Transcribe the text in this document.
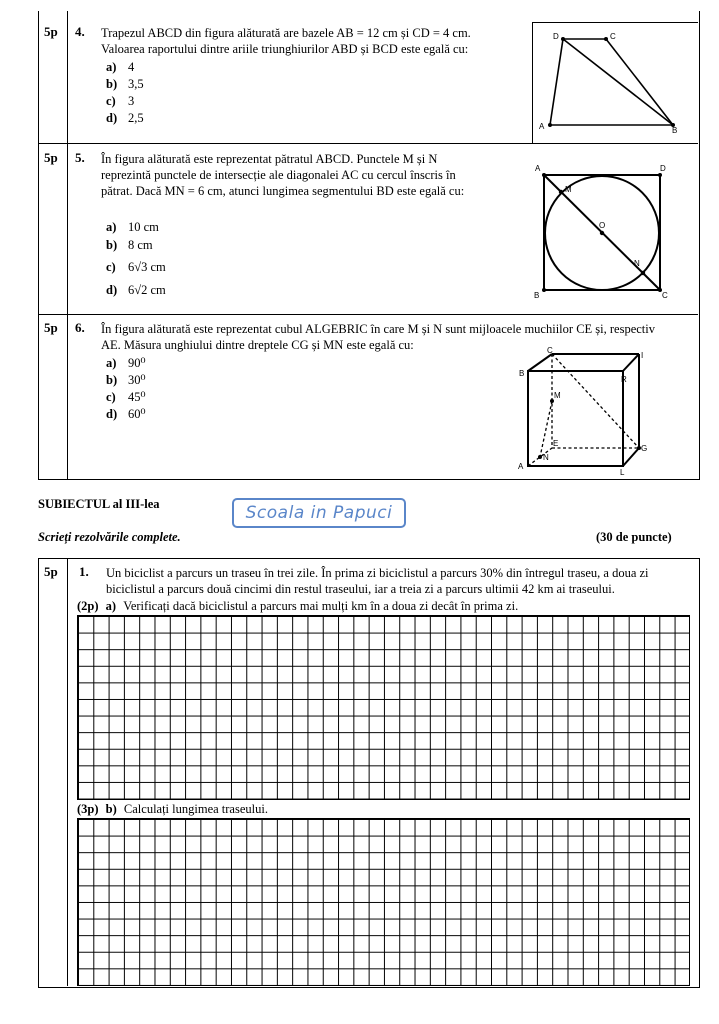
5p 4. Trapezul ABCD din figura alăturată are bazele AB = 12 cm și CD = 4 cm.
Valoarea raportului dintre ariile triunghiurilor ABD și BCD este egală cu:
a) 4
b) 3,5
c) 3
d) 2,5
D	C
A	B
5p 5. În figura alăturată este reprezentat pătratul ABCD. Punctele M și N
reprezintă punctele de intersecție ale diagonalei AC cu cercul înscris în
pătrat. Dacă MN = 6 cm, atunci lungimea segmentului BD este egală cu:
a) 10 cm
b) 8 cm
c) 6√3 cm
d) 6√2 cm
A	D
B	C
M
N
O
5p 6. În figura alăturată este reprezentat cubul ALGEBRIC în care M și N sunt mijloacele muchiilor CE și, respectiv
AE. Măsura unghiului dintre dreptele CG și MN este egală cu:
a) 90⁰
b) 30⁰
c) 45⁰
d) 60⁰
C
I
B
R
M
E
G
A
N
L
SUBIECTUL al III-lea	Scoala in Papuci
Scrieți rezolvările complete.	(30 de puncte)
5p 1. Un biciclist a parcurs un traseu în trei zile. În prima zi biciclistul a parcurs 30% din întregul traseu, a doua zi
biciclistul a parcurs două cincimi din restul traseului, iar a treia zi a parcurs ultimii 42 km ai traseului.
(2p) a) Verificați dacă biciclistul a parcurs mai mulți km în a doua zi decât în prima zi.
(3p) b) Calculați lungimea traseului.
